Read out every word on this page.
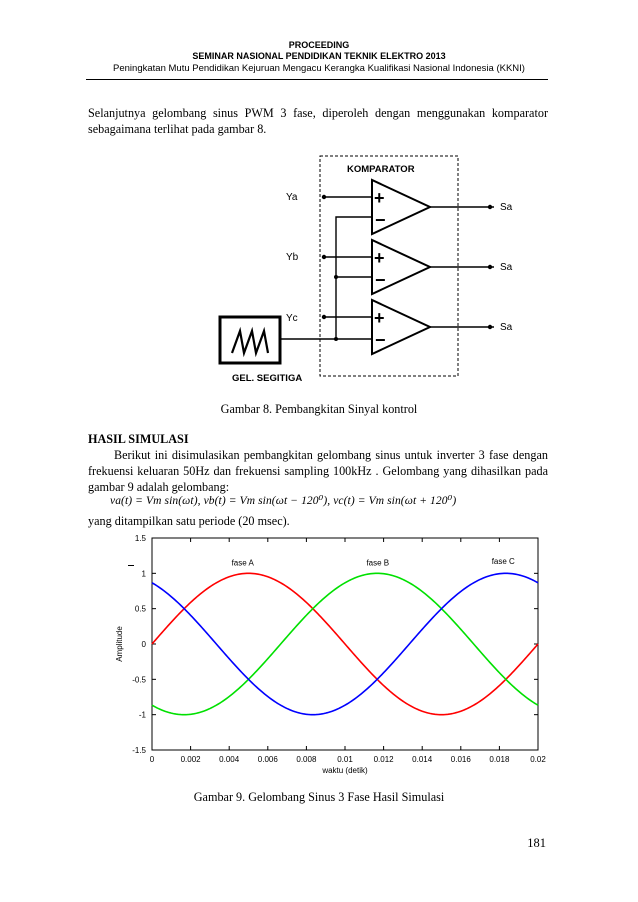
PROCEEDING
SEMINAR NASIONAL PENDIDIKAN TEKNIK ELEKTRO 2013
Peningkatan Mutu Pendidikan Kejuruan Mengacu Kerangka Kualifikasi Nasional Indonesia (KKNI)
Selanjutnya gelombang sinus PWM 3 fase, diperoleh dengan menggunakan komparator sebagaimana terlihat pada gambar 8.
KOMPARATOR
+
−
+
−
+
−
Ya
Yb
Yc
Sa
Sa
Sa
GEL. SEGITIGA
Gambar 8. Pembangkitan Sinyal kontrol
HASIL SIMULASI
Berikut ini disimulasikan pembangkitan gelombang sinus untuk inverter 3 fase dengan frekuensi keluaran 50Hz dan frekuensi sampling 100kHz . Gelombang yang dihasilkan pada gambar 9 adalah gelombang:
va(t) = Vm sin(ωt), vb(t) = Vm sin(ωt − 120⁰), vc(t) = Vm sin(ωt + 120⁰)
yang ditampilkan satu periode (20 msec).
0	0.002 0.004 0.006 0.008	0.01	0.012 0.014 0.016 0.018	0.02
-1.5
-1
-0.5
0
0.5
1
1.5
waktu (detik)
Amplitude
fase A	fase B	fase C
Gambar 9. Gelombang Sinus 3 Fase Hasil Simulasi
181
